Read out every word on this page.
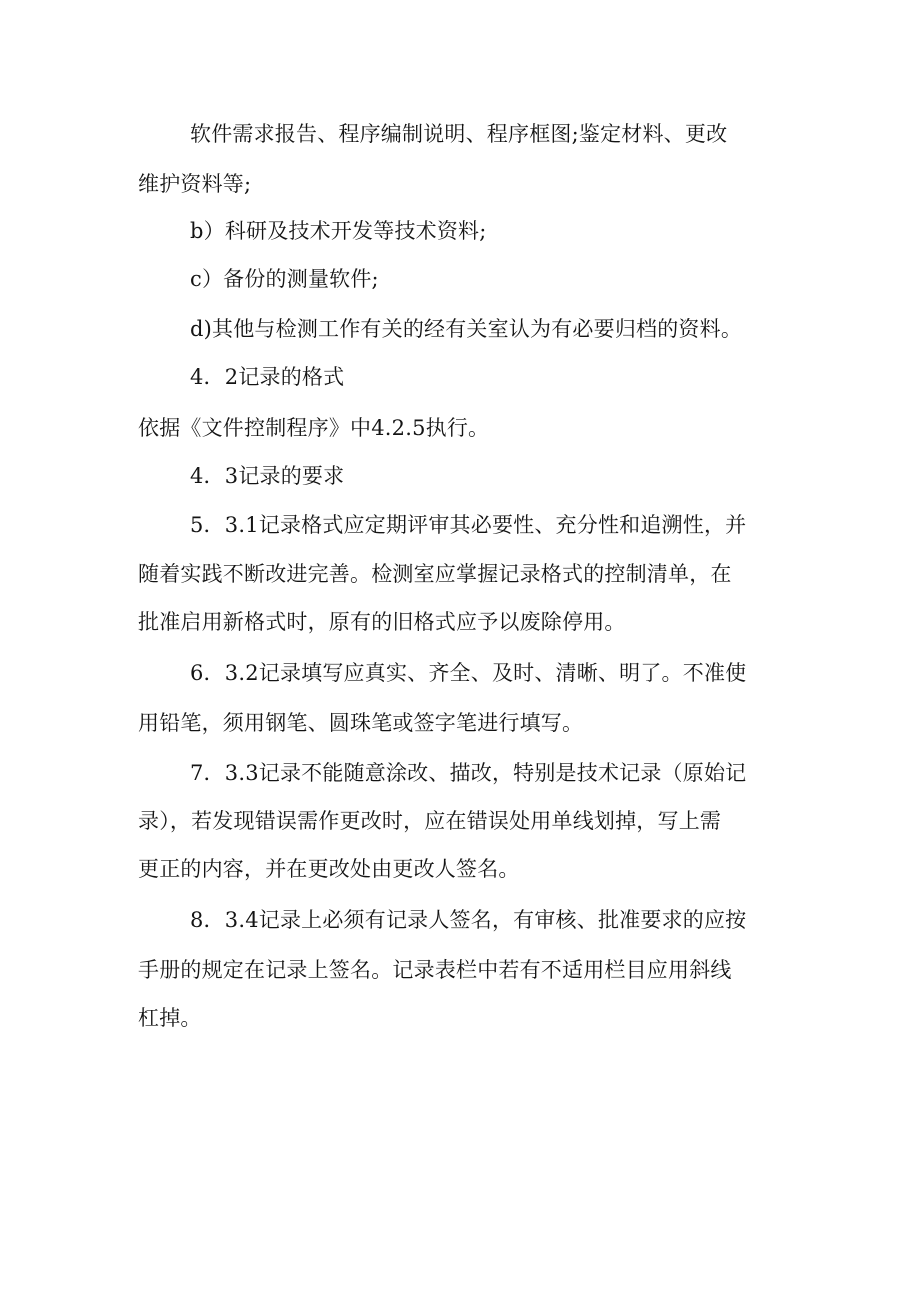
软件需求报告、程序编制说明、程序框图;鉴定材料、更改

维护资料等;

b）科研及技术开发等技术资料;

c）备份的测量软件;

d)其他与检测工作有关的经有关室认为有必要归档的资料。

4．2记录的格式

依据《文件控制程序》中4.2.5执行。

4．3记录的要求

5．3.1记录格式应定期评审其必要性、充分性和追溯性，并

随着实践不断改进完善。检测室应掌握记录格式的控制清单，在

批准启用新格式时，原有的旧格式应予以废除停用。

6．3.2记录填写应真实、齐全、及时、清晰、明了。不准使

用铅笔，须用钢笔、圆珠笔或签字笔进行填写。

7．3.3记录不能随意涂改、描改，特别是技术记录（原始记

录），若发现错误需作更改时，应在错误处用单线划掉，写上需

更正的内容，并在更改处由更改人签名。

8．3.4记录上必须有记录人签名，有审核、批准要求的应按

手册的规定在记录上签名。记录表栏中若有不适用栏目应用斜线

杠掉。
